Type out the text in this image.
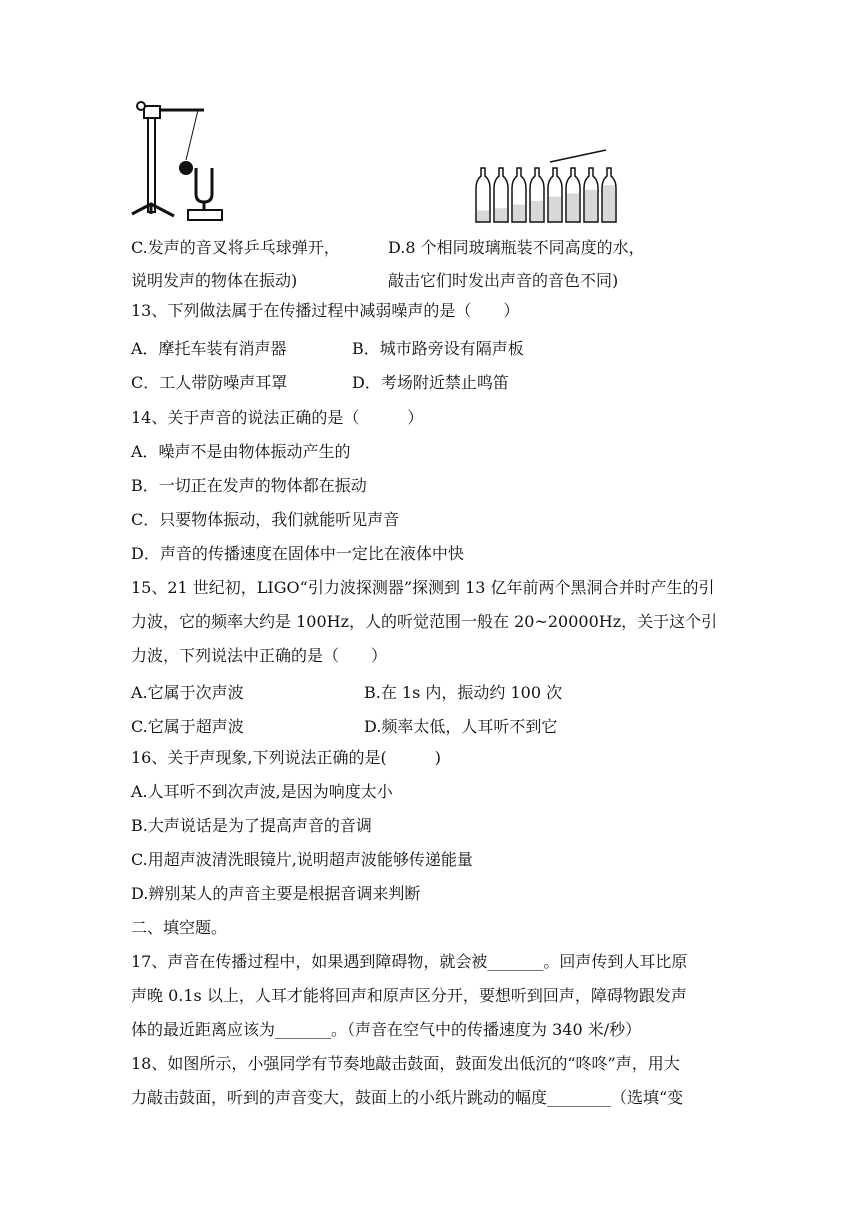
C.发声的音叉将乒乓球弹开，	D.8 个相同玻璃瓶装不同高度的水，
说明发声的物体在振动)	敲击它们时发出声音的音色不同)
13、下列做法属于在传播过程中减弱噪声的是（　　）
A．摩托车装有消声器	B．城市路旁设有隔声板
C．工人带防噪声耳罩	D．考场附近禁止鸣笛
14、关于声音的说法正确的是（　　　）
A．噪声不是由物体振动产生的
B．一切正在发声的物体都在振动
C．只要物体振动，我们就能听见声音
D．声音的传播速度在固体中一定比在液体中快
15、21 世纪初，LIGO“引力波探测器”探测到 13 亿年前两个黑洞合并时产生的引
力波，它的频率大约是 100Hz，人的听觉范围一般在 20~20000Hz，关于这个引
力波，下列说法中正确的是（　　）
A.它属于次声波	B.在 1s 内，振动约 100 次
C.它属于超声波	D.频率太低，人耳听不到它
16、关于声现象,下列说法正确的是(　　　)
A.人耳听不到次声波,是因为响度太小
B.大声说话是为了提高声音的音调
C.用超声波清洗眼镜片,说明超声波能够传递能量
D.辨别某人的声音主要是根据音调来判断
二、填空题。
17、声音在传播过程中，如果遇到障碍物，就会被_______。回声传到人耳比原
声晚 0.1s 以上，人耳才能将回声和原声区分开，要想听到回声，障碍物跟发声
体的最近距离应该为_______。（声音在空气中的传播速度为 340 米/秒）
18、如图所示，小强同学有节奏地敲击鼓面，鼓面发出低沉的“咚咚”声，用大
力敲击鼓面，听到的声音变大，鼓面上的小纸片跳动的幅度________（选填“变
